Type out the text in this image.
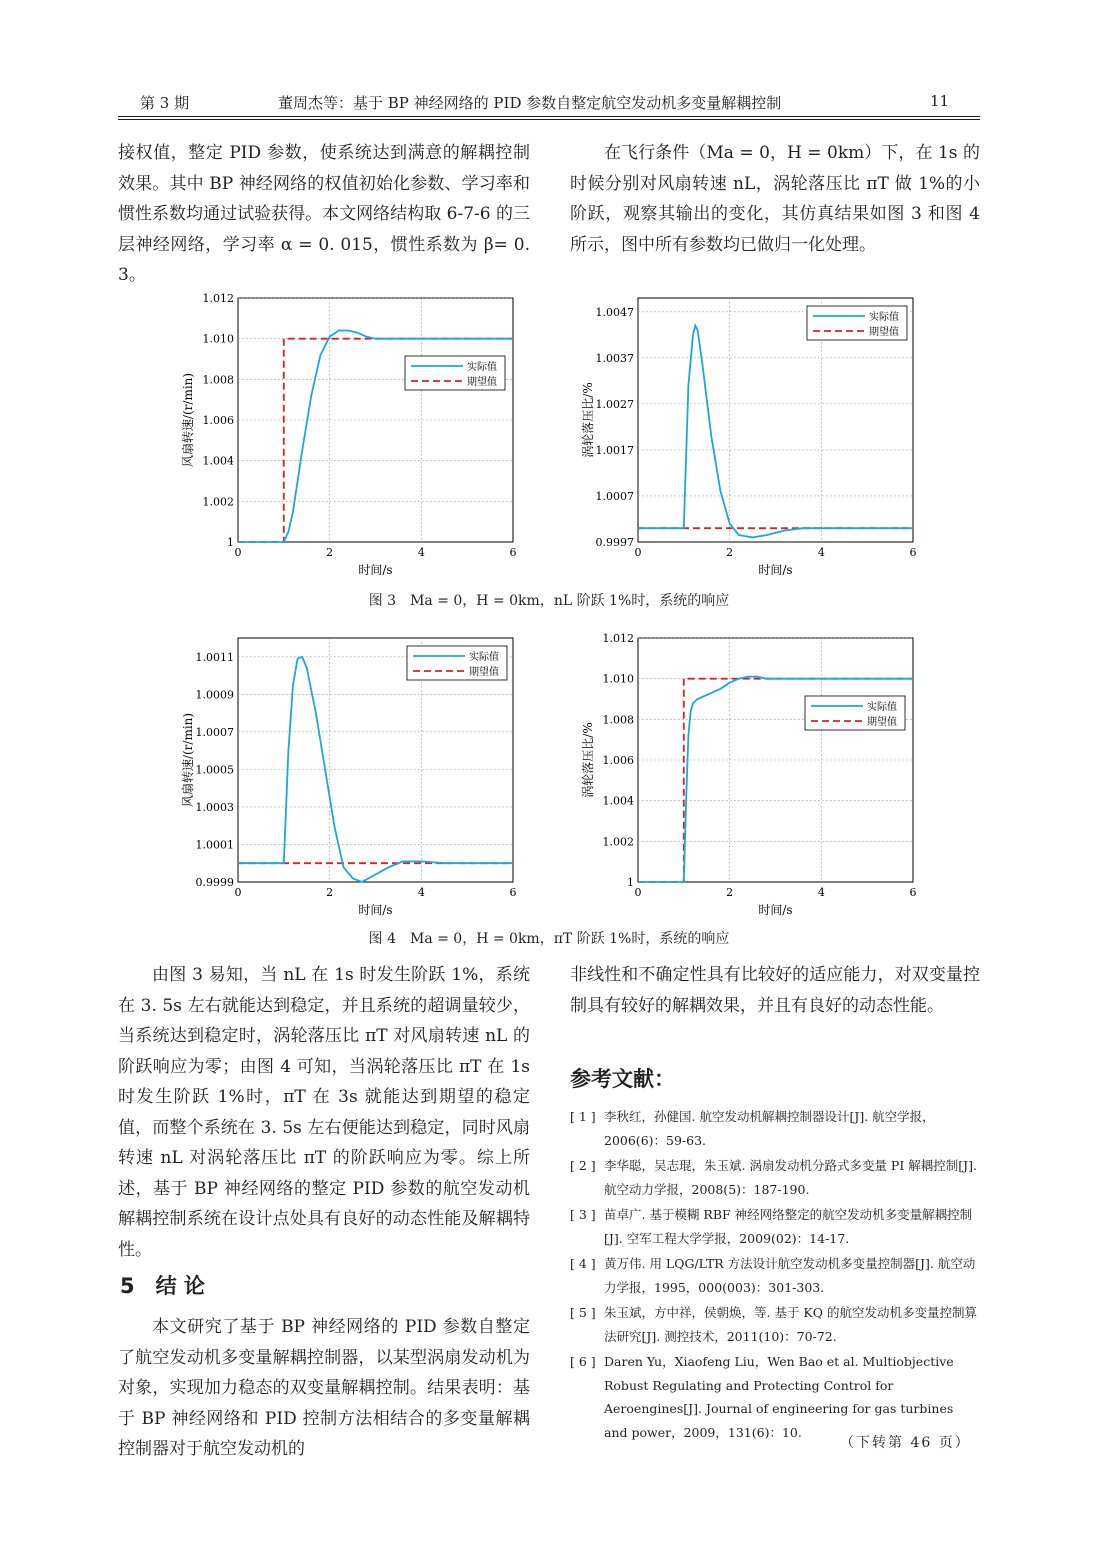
第 3 期	董周杰等：基于 BP 神经网络的 PID 参数自整定航空发动机多变量解耦控制	11

接权值，整定 PID 参数，使系统达到满意的解耦控制效果。其中 BP 神经网络的权值初始化参数、学习率和惯性系数均通过试验获得。本文网络结构取 6-7-6 的三层神经网络，学习率 α = 0. 015，惯性系数为 β= 0. 3。

在飞行条件（Ma = 0，H = 0km）下，在 1s 的时候分别对风扇转速 nL，涡轮落压比 πT 做 1%的小阶跃，观察其输出的变化，其仿真结果如图 3 和图 4 所示，图中所有参数均已做归一化处理。

1
1.002
1.004
1.006
1.008
1.010
1.012
0	2	4	6
时间/s
风扇转速/(r/min)
实际值
期望值
0.9997
1.0007
1.0017
1.0027
1.0037
1.0047
0	2	4	6
时间/s
涡轮落压比/%
实际值
期望值
图 3　Ma = 0，H = 0km，nL 阶跃 1%时，系统的响应
0.9999
1.0001
1.0003
1.0005
1.0007
1.0009
1.0011
0	2	4	6
时间/s
风扇转速/(r/min)
实际值
期望值
1
1.002
1.004
1.006
1.008
1.010
1.012
0	2	4	6
时间/s
涡轮落压比/%
实际值
期望值
图 4　Ma = 0，H = 0km，πT 阶跃 1%时，系统的响应

由图 3 易知，当 nL 在 1s 时发生阶跃 1%，系统在 3. 5s 左右就能达到稳定，并且系统的超调量较少，当系统达到稳定时，涡轮落压比 πT 对风扇转速 nL 的阶跃响应为零；由图 4 可知，当涡轮落压比 πT 在 1s 时发生阶跃 1%时，πT 在 3s 就能达到期望的稳定值，而整个系统在 3. 5s 左右便能达到稳定，同时风扇转速 nL 对涡轮落压比 πT 的阶跃响应为零。综上所述，基于 BP 神经网络的整定 PID 参数的航空发动机解耦控制系统在设计点处具有良好的动态性能及解耦特性。

5　结 论

本文研究了基于 BP 神经网络的 PID 参数自整定了航空发动机多变量解耦控制器，以某型涡扇发动机为对象，实现加力稳态的双变量解耦控制。结果表明：基于 BP 神经网络和 PID 控制方法相结合的多变量解耦控制器对于航空发动机的

非线性和不确定性具有比较好的适应能力，对双变量控制具有较好的解耦效果，并且有良好的动态性能。

参考文献：
[ 1 ] 李秋红，孙健国. 航空发动机解耦控制器设计[J]. 航空学报，2006(6)：59-63.
[ 2 ] 李华聪，吴志琨，朱玉斌. 涡扇发动机分路式多变量 PI 解耦控制[J]. 航空动力学报，2008(5)：187-190.
[ 3 ] 苗卓广. 基于模糊 RBF 神经网络整定的航空发动机多变量解耦控制[J]. 空军工程大学学报，2009(02)：14-17.
[ 4 ] 黄万伟. 用 LQG/LTR 方法设计航空发动机多变量控制器[J]. 航空动力学报，1995，000(003)：301-303.
[ 5 ] 朱玉斌，方中祥，侯朝焕，等. 基于 KQ 的航空发动机多变量控制算法研究[J]. 测控技术，2011(10)：70-72.
[ 6 ] Daren Yu，Xiaofeng Liu，Wen Bao et al. Multiobjective Robust Regulating and Protecting Control for Aeroengines[J]. Journal of engineering for gas turbines and power，2009，131(6)：10.
（下转第 46 页）
